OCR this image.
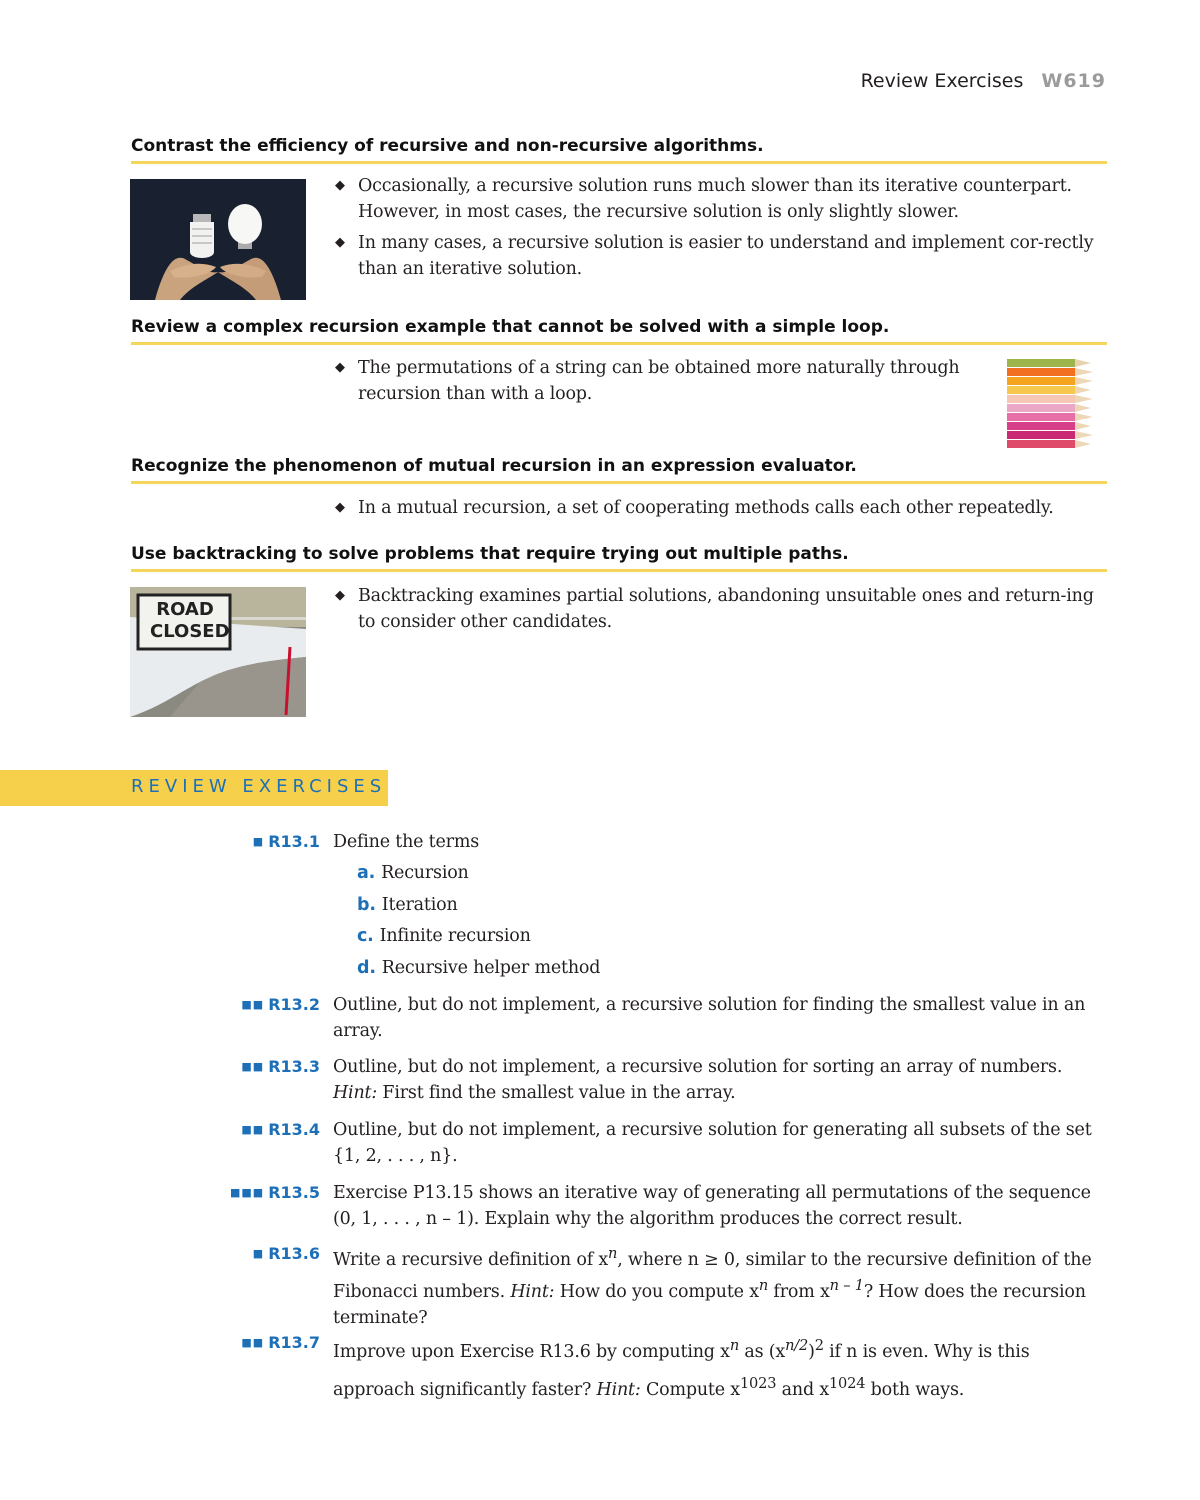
Review Exercises W619
Contrast the efficiency of recursive and non-recursive algorithms.
◆ Occasionally, a recursive solution runs much slower than its iterative counterpart. However, in most cases, the recursive solution is only slightly slower.
◆ In many cases, a recursive solution is easier to understand and implement cor-rectly than an iterative solution.
Review a complex recursion example that cannot be solved with a simple loop.
◆ The permutations of a string can be obtained more naturally through recursion than with a loop.
Recognize the phenomenon of mutual recursion in an expression evaluator.
◆ In a mutual recursion, a set of cooperating methods calls each other repeatedly.
Use backtracking to solve problems that require trying out multiple paths.
ROAD
CLOSED
◆ Backtracking examines partial solutions, abandoning unsuitable ones and return-ing to consider other candidates.
REVIEW EXERCISES
■ R13.1 Define the terms
a. Recursion
b. Iteration
c. Infinite recursion
d. Recursive helper method
■■ R13.2 Outline, but do not implement, a recursive solution for finding the smallest value in an array.
■■ R13.3 Outline, but do not implement, a recursive solution for sorting an array of numbers. Hint: First find the smallest value in the array.
■■ R13.4 Outline, but do not implement, a recursive solution for generating all subsets of the set {1, 2, . . . , n}.
■■■ R13.5 Exercise P13.15 shows an iterative way of generating all permutations of the sequence (0, 1, . . . , n – 1). Explain why the algorithm produces the correct result.
■ R13.6 Write a recursive definition of $x^n$, where n ≥ 0, similar to the recursive definition of the Fibonacci numbers. Hint: How do you compute $x^n$ from $x^{n - 1}$? How does the recursion terminate?
■■ R13.7 Improve upon Exercise R13.6 by computing $x^n$ as $(x^{n/2})^2$ if n is even. Why is this approach significantly faster? Hint: Compute $x^{1023}$ and $x^{1024}$ both ways.
